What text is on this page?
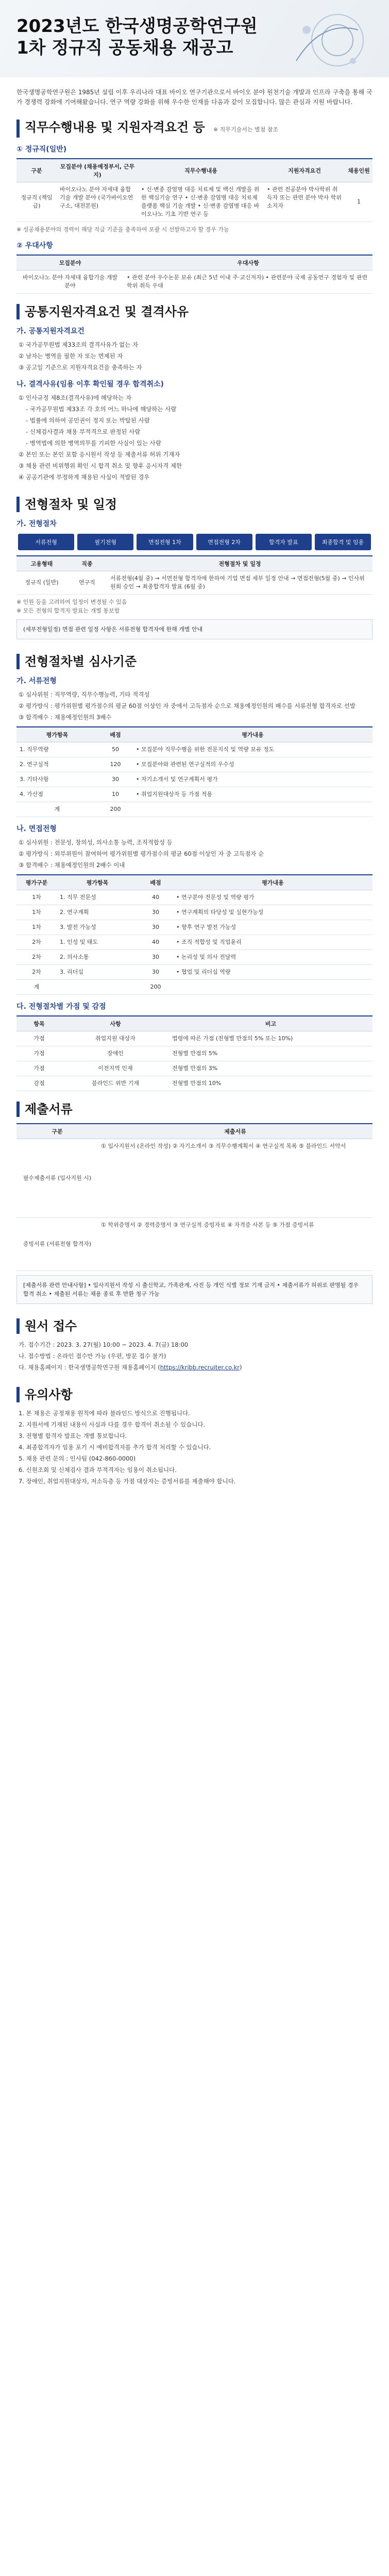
2023년도 한국생명공학연구원
1차 정규직 공동채용 재공고
한국생명공학연구원은 1985년 설립 이후 우리나라 대표 바이오 연구기관으로서 바이오 분야 원천기술 개발과 인프라 구축을 통해 국가 경쟁력 강화에 기여해왔습니다. 연구 역량 강화를 위해 우수한 인재를 다음과 같이 모집합니다. 많은 관심과 지원 바랍니다.
직무수행내용 및 지원자격요건 등 ※ 직무기술서는 별첨 참조
① 정규직(일반)
구분	모집분야 (채용예정부서, 근무지)	직무수행내용	지원자격요건	채용인원
정규직 (책임급)	바이오나노 분야 자세대 융합기술 개발 분야 (국가바이오연구소, 대전본원)	• 신·변종 감염병 대응 치료제 및 백신 개발을 위한 핵심기술 연구 • 신·변종 감염병 대응 치료제 플랫폼 핵심 기술 개발 • 신·변종 감염병 대응 바이오나노 기초 기반 연구 등	• 관련 전공분야 박사학위 취득자 또는 관련 분야 박사 학위 소지자	1
※ 성공채용분야의 경력이 해당 직급 기준을 충족하여 포괄 시 선발하고자 할 경우 가능
② 우대사항
모집분야	우대사항
바이오나노 분야 자세대 융합기술 개발 분야	• 관련 분야 우수논문 보유 (최근 5년 이내 주·교신저자) • 관련분야 국제 공동연구 경험자 및 관련 학위 취득 우대
공통지원자격요건 및 결격사유
가. 공통지원자격요건
① 국가공무원법 제33조의 결격사유가 없는 자
② 남자는 병역을 필한 자 또는 면제된 자
③ 공고일 기준으로 지원자격요건을 충족하는 자
나. 결격사유(임용 이후 확인될 경우 합격취소)
① 인사규정 제8조(결격사유)에 해당하는 자
- 국가공무원법 제33조 각 호의 어느 하나에 해당하는 사람
- 법률에 의하여 공민권이 정지 또는 박탈된 사람
- 신체검사결과 채용 부적격으로 판정된 사람
- 병역법에 의한 병역의무를 기피한 사실이 있는 사람
② 본인 또는 본인 포함 응시원서 작성 등 제출서류 허위 기재자
③ 채용 관련 비위행위 확인 시 합격 취소 및 향후 응시자격 제한
④ 공공기관에 부정하게 채용된 사실이 적발된 경우
전형절차 및 일정
가. 전형절차
서류전형	필기전형	면접전형 1차	면접전형 2차	합격자 발표	최종합격 및 임용
고용형태	직종	전형절차 및 일정
정규직 (일반)	연구직	서류전형(4월 중) → 서면전형 합격자에 한하여 기업 면접 세부 일정 안내 → 면접전형(5월 중) → 인사위원회 승인 → 최종합격자 발표 (6월 중)
※ 인원 등을 고려하여 일정이 변경될 수 있음
※ 모든 전형의 합격자 발표는 개별 통보함
(세부전형일정) 면접 관련 일정 사항은 서류전형 합격자에 한해 개별 안내
전형절차별 심사기준
가. 서류전형
① 심사위원 : 직무역량, 직무수행능력, 기타 적격성
② 평가방식 : 평가위원별 평가점수의 평균 60점 이상인 자 중에서 고득점자 순으로 채용예정인원의 배수를 서류전형 합격자로 선발
③ 합격배수 : 채용예정인원의 3배수
평가항목	배점	평가내용
1. 직무역량	50	• 모집분야 직무수행을 위한 전문지식 및 역량 보유 정도
2. 연구실적	120	• 모집분야와 관련된 연구실적의 우수성
3. 기타사항	30	• 자기소개서 및 연구계획서 평가
4. 가산점	10	• 취업지원대상자 등 가점 적용
계	200	
나. 면접전형
① 심사위원 : 전문성, 창의성, 의사소통 능력, 조직적합성 등
② 평가방식 : 외부위원이 참여하여 평가위원별 평가점수의 평균 60점 이상인 자 중 고득점자 순
③ 합격배수 : 채용예정인원의 2배수 이내
평가구분	평가항목	배점	평가내용
1차	1. 직무 전문성	40	• 연구분야 전문성 및 역량 평가
1차	2. 연구계획	30	• 연구계획의 타당성 및 실현가능성
1차	3. 발전 가능성	30	• 향후 연구 발전 가능성
2차	1. 인성 및 태도	40	• 조직 적합성 및 직업윤리
2차	2. 의사소통	30	• 논리성 및 의사 전달력
2차	3. 리더십	30	• 협업 및 리더십 역량
계		200	
다. 전형절차별 가점 및 감점
항목	사항	비고
가점	취업지원 대상자	법령에 따른 가점 (전형별 만점의 5% 또는 10%)
가점	장애인	전형별 만점의 5%
가점	이전지역 인재	전형별 만점의 3%
감점	블라인드 위반 기재	전형별 만점의 10%
제출서류
구분	제출서류
필수제출서류 (입사지원 시)	① 입사지원서 (온라인 작성) ② 자기소개서 ③ 직무수행계획서 ④ 연구실적 목록 ⑤ 블라인드 서약서
증빙서류 (서류전형 합격자)	① 학위증명서 ② 경력증명서 ③ 연구실적 증빙자료 ④ 자격증 사본 등 ⑤ 가점 증빙서류
[제출서류 관련 안내사항] • 입사지원서 작성 시 출신학교, 가족관계, 사진 등 개인 식별 정보 기재 금지 • 제출서류가 허위로 판명될 경우 합격 취소 • 제출된 서류는 채용 종료 후 반환 청구 가능
원서 접수
가. 접수기간 : 2023. 3. 27(월) 10:00 ~ 2023. 4. 7(금) 18:00
나. 접수방법 : 온라인 접수만 가능 (우편, 방문 접수 불가)
다. 채용홈페이지 : 한국생명공학연구원 채용홈페이지 (https://kribb.recruiter.co.kr)
유의사항
1. 본 채용은 공정채용 원칙에 따라 블라인드 방식으로 진행됩니다.
2. 지원서에 기재된 내용이 사실과 다를 경우 합격이 취소될 수 있습니다.
3. 전형별 합격자 발표는 개별 통보합니다.
4. 최종합격자가 임용 포기 시 예비합격자를 추가 합격 처리할 수 있습니다.
5. 채용 관련 문의 : 인사팀 (042-860-0000)
6. 신원조회 및 신체검사 결과 부적격자는 임용이 취소됩니다.
7. 장애인, 취업지원대상자, 저소득층 등 가점 대상자는 증빙서류를 제출해야 합니다.
